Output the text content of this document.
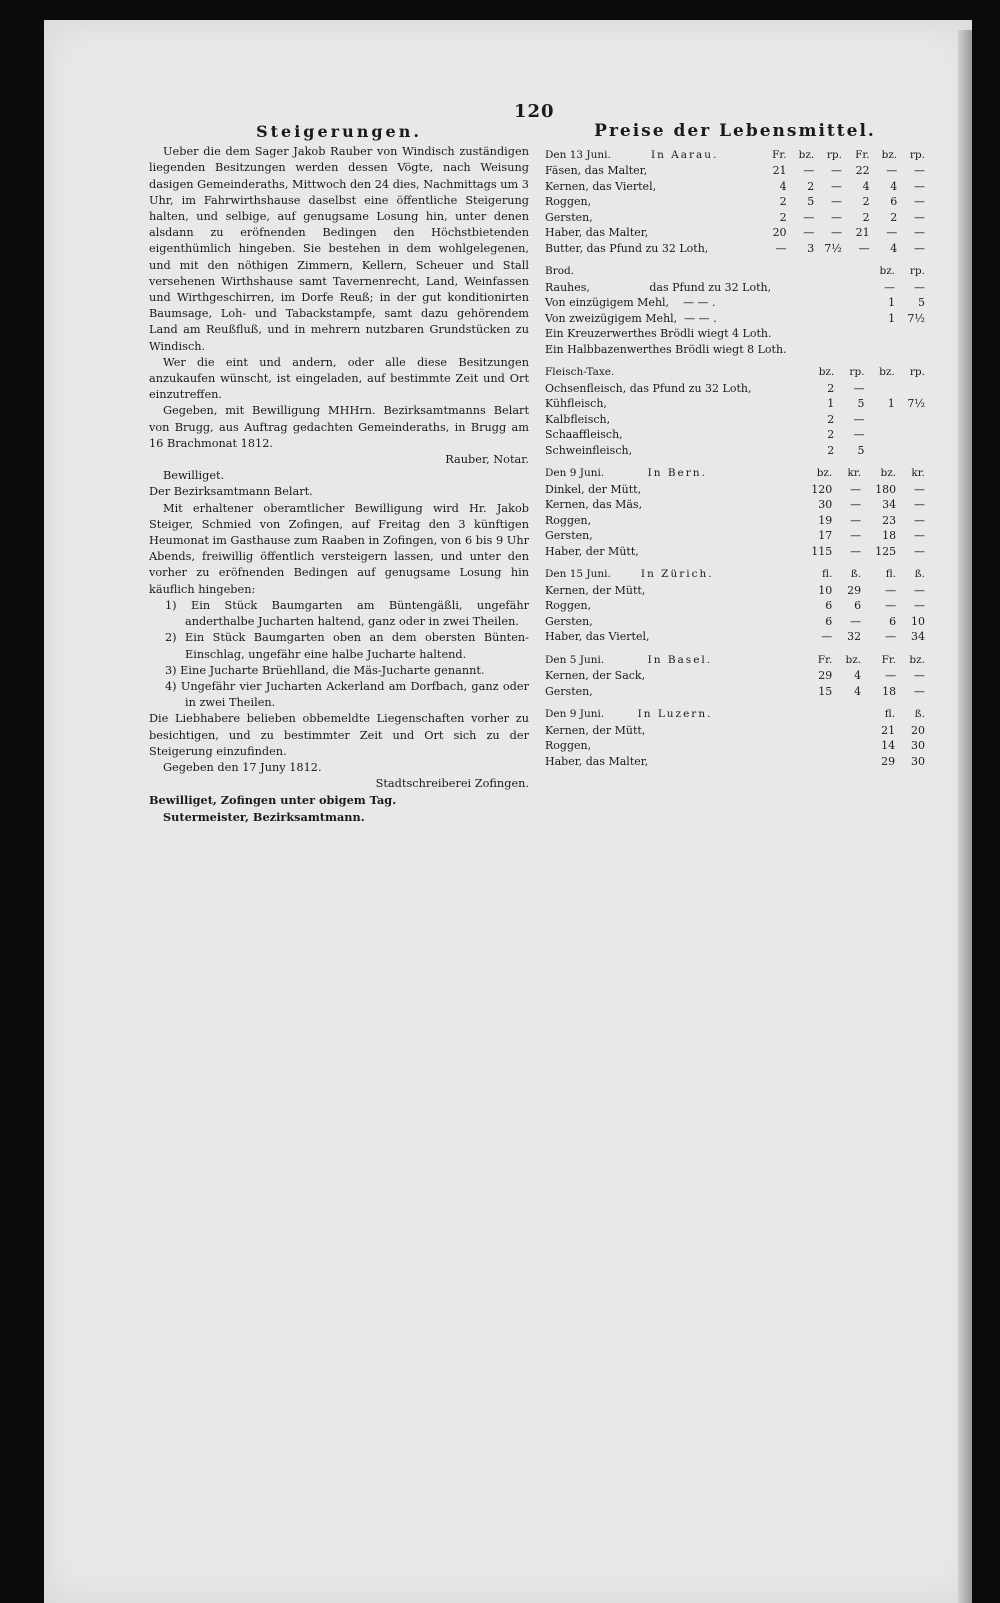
120
Steigerungen.

Ueber die dem Sager Jakob Rauber von Windisch zuständigen liegenden Besitzungen werden dessen Vögte, nach Weisung dasigen Gemeinderaths, Mittwoch den 24 dies, Nachmittags um 3 Uhr, im Fahrwirthshause daselbst eine öffentliche Steigerung halten, und selbige, auf genugsame Losung hin, unter denen alsdann zu eröfnenden Bedingen den Höchstbietenden eigenthümlich hingeben. Sie bestehen in dem wohlgelegenen, und mit den nöthigen Zimmern, Kellern, Scheuer und Stall versehenen Wirthshause samt Tavernenrecht, Land, Weinfassen und Wirthgeschirren, im Dorfe Reuß; in der gut konditionirten Baumsage, Loh- und Tabackstampfe, samt dazu gehörendem Land am Reußfluß, und in mehrern nutzbaren Grundstücken zu Windisch.

Wer die eint und andern, oder alle diese Besitzungen anzukaufen wünscht, ist eingeladen, auf bestimmte Zeit und Ort einzutreffen.

Gegeben, mit Bewilligung MHHrn. Bezirksamtmanns Belart von Brugg, aus Auftrag gedachten Gemeinderaths, in Brugg am 16 Brachmonat 1812.

Rauber, Notar.

Bewilliget.

Der Bezirksamtmann Belart.

Mit erhaltener oberamtlicher Bewilligung wird Hr. Jakob Steiger, Schmied von Zofingen, auf Freitag den 3 künftigen Heumonat im Gasthause zum Raaben in Zofingen, von 6 bis 9 Uhr Abends, freiwillig öffentlich versteigern lassen, und unter den vorher zu eröfnenden Bedingen auf genugsame Losung hin käuflich hingeben:

1) Ein Stück Baumgarten am Büntengäßli, ungefähr anderthalbe Jucharten haltend, ganz oder in zwei Theilen.

2) Ein Stück Baumgarten oben an dem obersten Bünten-Einschlag, ungefähr eine halbe Jucharte haltend.

3) Eine Jucharte Brüehlland, die Mäs-Jucharte genannt.

4) Ungefähr vier Jucharten Ackerland am Dorfbach, ganz oder in zwei Theilen.

Die Liebhabere belieben obbemeldte Liegenschaften vorher zu besichtigen, und zu bestimmter Zeit und Ort sich zu der Steigerung einzufinden.

Gegeben den 17 Juny 1812.

Stadtschreiberei Zofingen.

Bewilliget, Zofingen unter obigem Tag.

Sutermeister, Bezirksamtmann.

Preise der Lebensmittel.
Den 13 Juni. In Aarau.	Fr.	bz.	rp.	Fr.	bz.	rp.
Fäsen, das Malter,	21	—	—	22	—	—
Kernen, das Viertel,	4	2	—	4	4	—
Roggen,	2	5	—	2	6	—
Gersten,	2	—	—	2	2	—
Haber, das Malter,	20	—	—	21	—	—
Butter, das Pfund zu 32 Loth,	—	3	7½	—	4	—
Brod.	bz.	rp.
Rauhes, das Pfund zu 32 Loth,	—	—
Von einzügigem Mehl, — — .	1	5
Von zweizügigem Mehl, — — .	1	7½
Ein Kreuzerwerthes Brödli wiegt 4 Loth.		
Ein Halbbazenwerthes Brödli wiegt 8 Loth.		
Fleisch-Taxe.	bz.	rp.	bz.	rp.
Ochsenfleisch, das Pfund zu 32 Loth,	2	—		
Kühfleisch,	1	5	1	7½
Kalbfleisch,	2	—		
Schaaffleisch,	2	—		
Schweinfleisch,	2	5		
Den 9 Juni. In Bern.	bz.	kr.	bz.	kr.
Dinkel, der Mütt,	120	—	180	—
Kernen, das Mäs,	30	—	34	—
Roggen,	19	—	23	—
Gersten,	17	—	18	—
Haber, der Mütt,	115	—	125	—
Den 15 Juni. In Zürich.	fl.	ß.	fl.	ß.
Kernen, der Mütt,	10	29	—	—
Roggen,	6	6	—	—
Gersten,	6	—	6	10
Haber, das Viertel,	—	32	—	34
Den 5 Juni. In Basel.	Fr.	bz.	Fr.	bz.
Kernen, der Sack,	29	4	—	—
Gersten,	15	4	18	—
Den 9 Juni. In Luzern.	fl.	ß.
Kernen, der Mütt,	21	20
Roggen,	14	30
Haber, das Malter,	29	30
